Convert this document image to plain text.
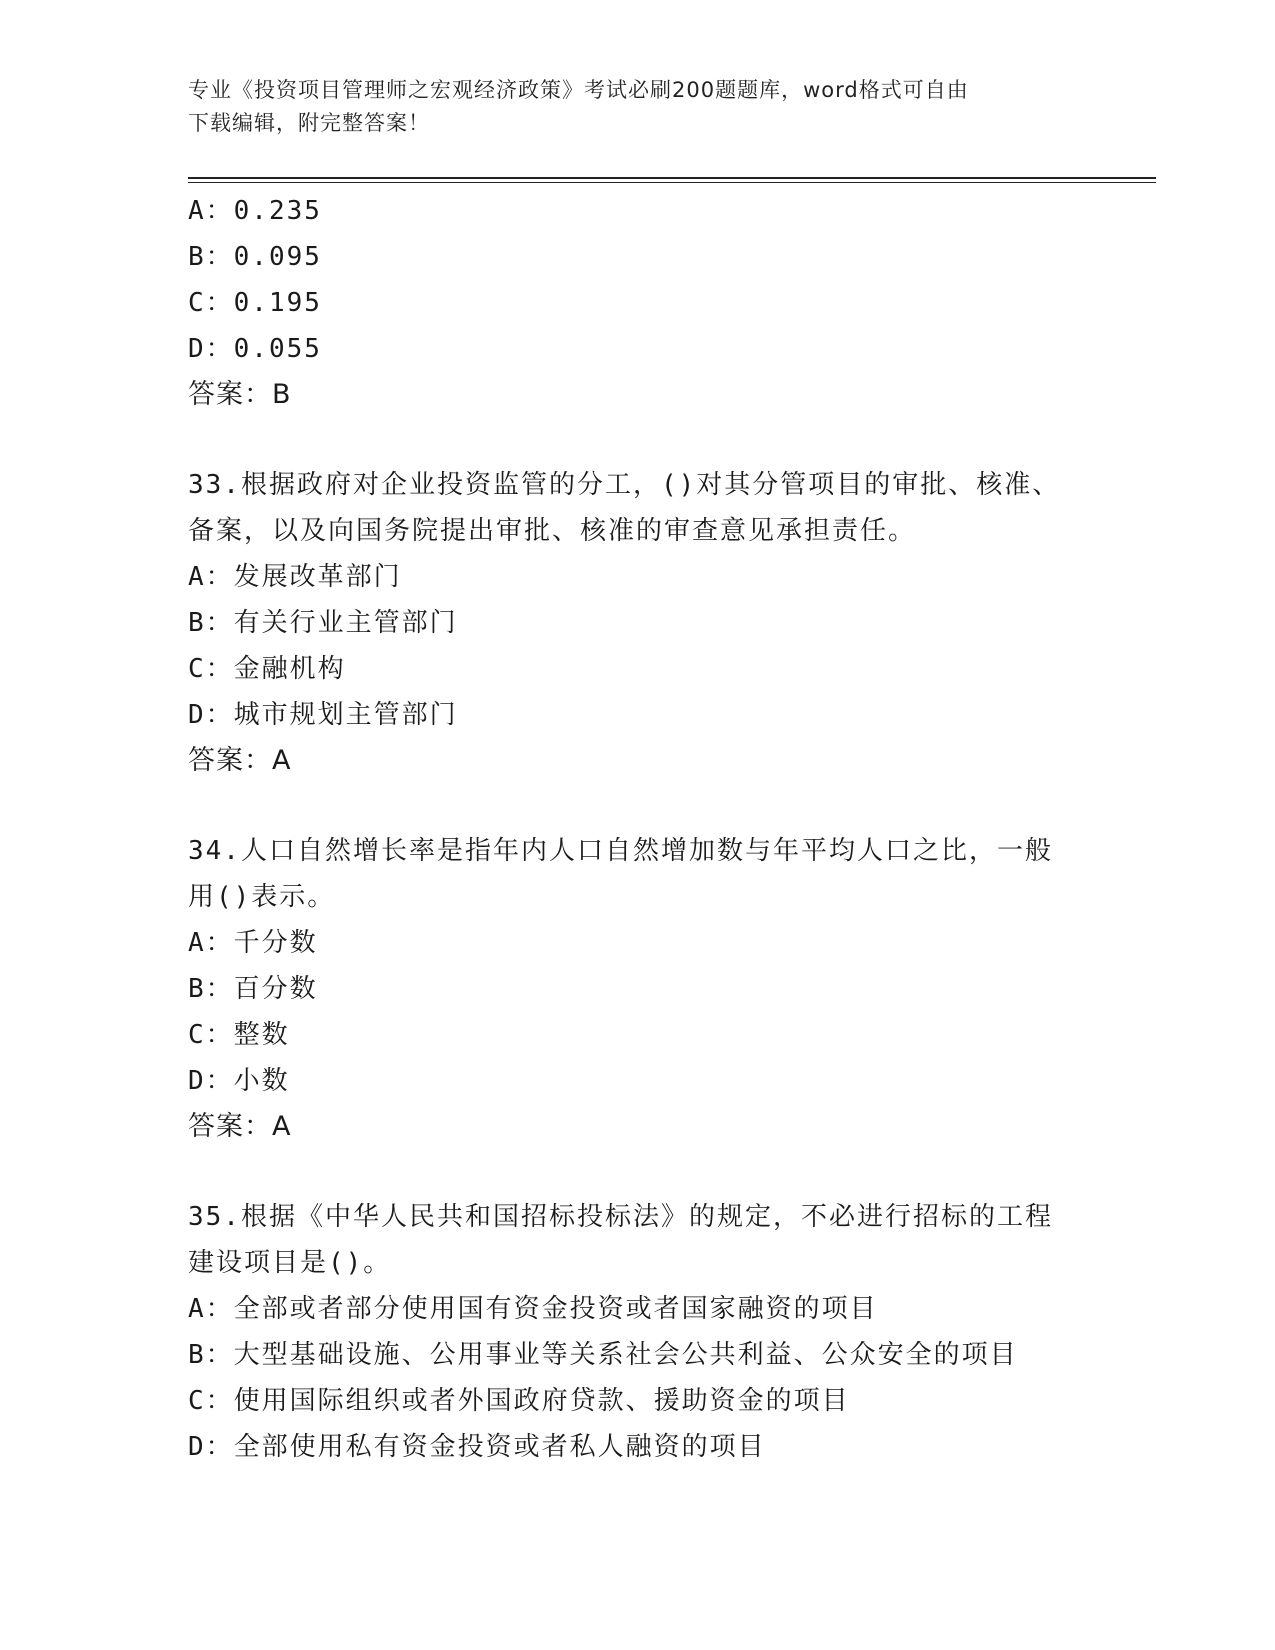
专业《投资项目管理师之宏观经济政策》考试必刷200题题库，word格式可自由
下载编辑，附完整答案！
A：0.235
B：0.095
C：0.195
D：0.055
答案：B
33.根据政府对企业投资监管的分工，()对其分管项目的审批、核准、
备案，以及向国务院提出审批、核准的审查意见承担责任。
A：发展改革部门
B：有关行业主管部门
C：金融机构
D：城市规划主管部门
答案：A
34.人口自然增长率是指年内人口自然增加数与年平均人口之比，一般
用()表示。
A：千分数
B：百分数
C：整数
D：小数
答案：A
35.根据《中华人民共和国招标投标法》的规定，不必进行招标的工程
建设项目是()。
A：全部或者部分使用国有资金投资或者国家融资的项目
B：大型基础设施、公用事业等关系社会公共利益、公众安全的项目
C：使用国际组织或者外国政府贷款、援助资金的项目
D：全部使用私有资金投资或者私人融资的项目
